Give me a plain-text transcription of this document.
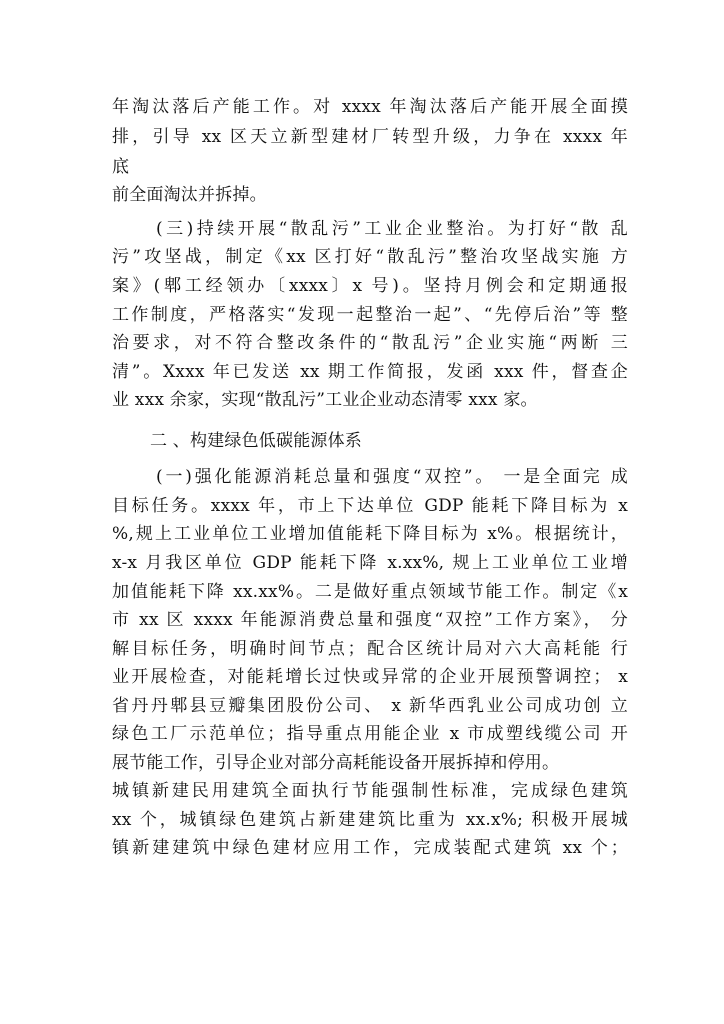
年淘汰落后产能工作。对 xxxx 年淘汰落后产能开展全面摸
排，引导 xx 区天立新型建材厂转型升级，力争在 xxxx 年
底
前全面淘汰并拆掉。
(三)持续开展“散乱污”工业企业整治。为打好“散 乱
污”攻坚战，制定《xx 区打好“散乱污”整治攻坚战实施 方
案》(郫工经领办〔xxxx〕x 号)。坚持月例会和定期通报
工作制度，严格落实“发现一起整治一起”、“先停后治”等 整
治要求，对不符合整改条件的“散乱污”企业实施“两断 三
清”。Xxxx 年已发送 xx 期工作简报，发函 xxx 件，督查企
业 xxx 余家，实现“散乱污”工业企业动态清零 xxx 家。
二 、构建绿色低碳能源体系
(一)强化能源消耗总量和强度“双控”。 一是全面完 成
目标任务。xxxx 年，市上下达单位 GDP 能耗下降目标为 x
%,规上工业单位工业增加值能耗下降目标为 x%。根据统计，
x-x 月我区单位 GDP 能耗下降 x.xx%, 规上工业单位工业增
加值能耗下降 xx.xx%。二是做好重点领域节能工作。制定《x
市 xx 区 xxxx 年能源消费总量和强度“双控”工作方案》， 分
解目标任务，明确时间节点；配合区统计局对六大高耗能 行
业开展检查，对能耗增长过快或异常的企业开展预警调控； x
省丹丹郫县豆瓣集团股份公司、 x 新华西乳业公司成功创 立
绿色工厂示范单位；指导重点用能企业 x 市成塑线缆公司 开
展节能工作，引导企业对部分高耗能设备开展拆掉和停用。
城镇新建民用建筑全面执行节能强制性标准，完成绿色建筑
xx 个，城镇绿色建筑占新建建筑比重为 xx.x%; 积极开展城
镇新建建筑中绿色建材应用工作，完成装配式建筑 xx 个；
